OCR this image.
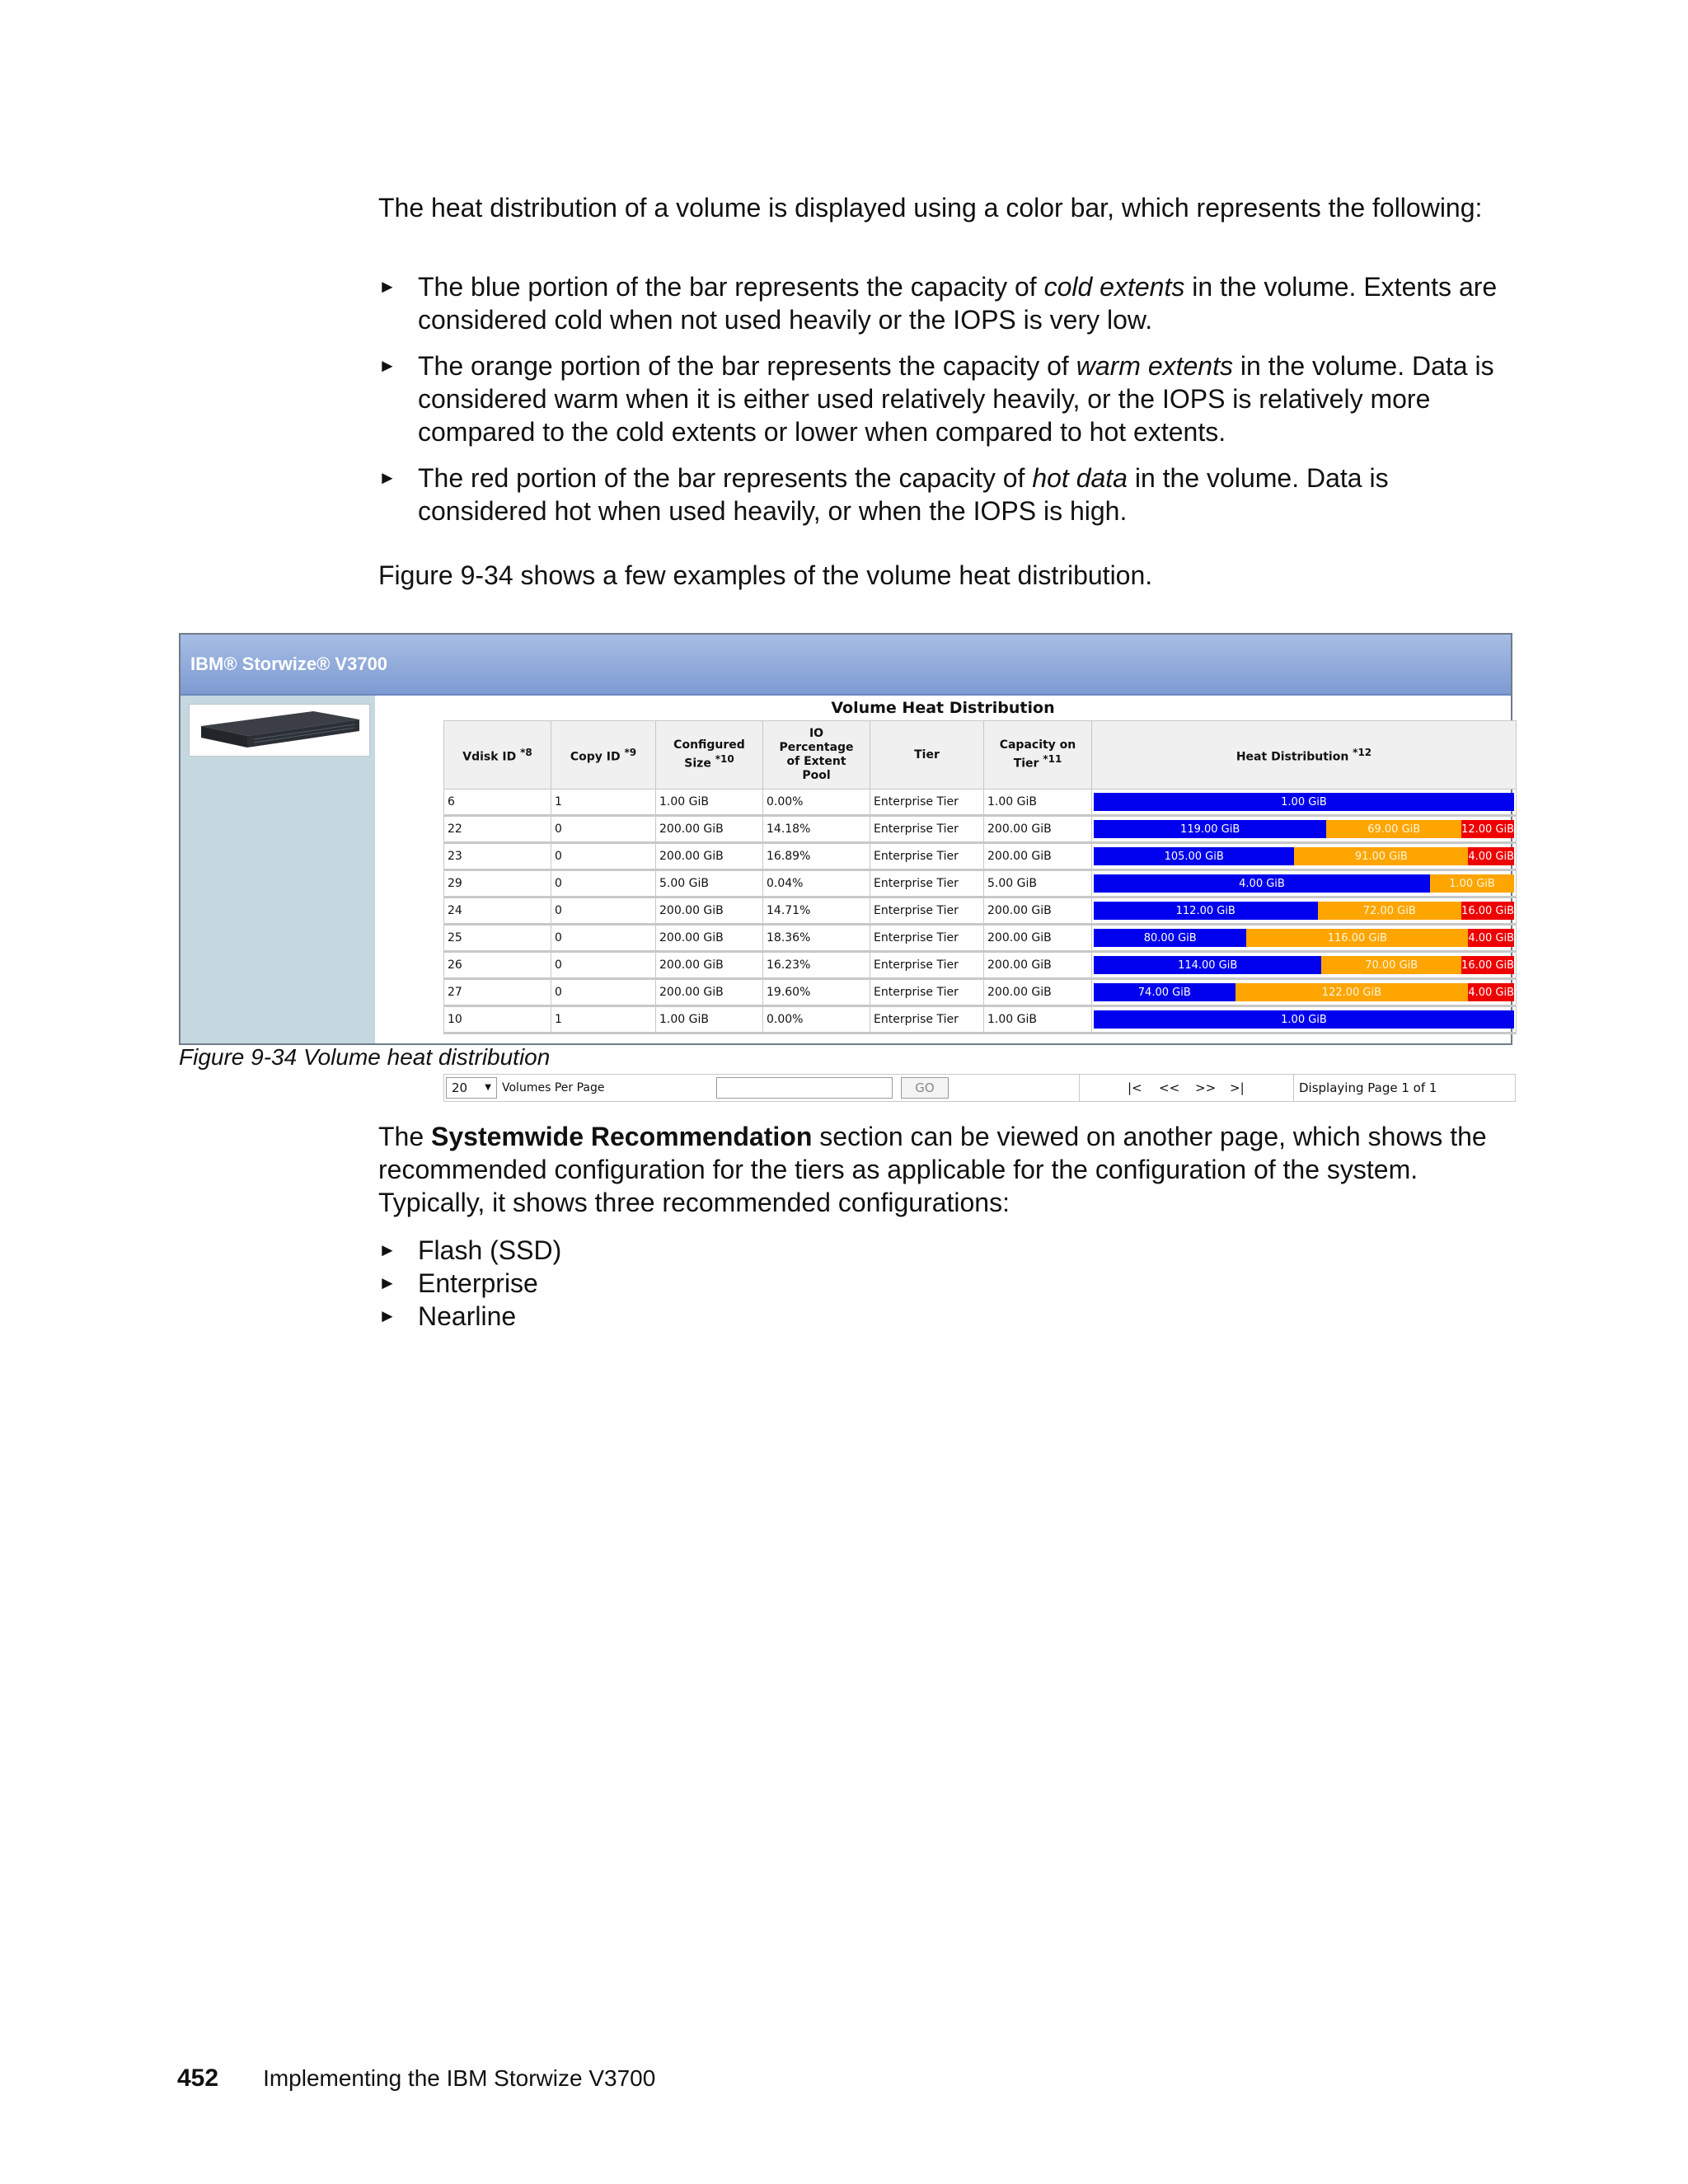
The heat distribution of a volume is displayed using a color bar, which represents the following:

► The blue portion of the bar represents the capacity of cold extents in the volume. Extents are considered cold when not used heavily or the IOPS is very low.
► The orange portion of the bar represents the capacity of warm extents in the volume. Data is considered warm when it is either used relatively heavily, or the IOPS is relatively more compared to the cold extents or lower when compared to hot extents.
► The red portion of the bar represents the capacity of hot data in the volume. Data is considered hot when used heavily, or when the IOPS is high.

Figure 9-34 shows a few examples of the volume heat distribution.

IBM® Storwize® V3700
Volume Heat Distribution
Vdisk ID $^{*8}$	Copy ID $^{*9}$	Configured
Size $^{*10}$	IO
Percentage
of Extent
Pool	Tier	Capacity on
Tier $^{*11}$	Heat Distribution $^{*12}$
6	1	1.00 GiB	0.00%	Enterprise Tier	1.00 GiB	1.00 GiB

22	0	200.00 GiB	14.18%	Enterprise Tier	200.00 GiB	119.00 GiB 69.00 GiB 12.00 GiB

23	0	200.00 GiB	16.89%	Enterprise Tier	200.00 GiB	105.00 GiB 91.00 GiB 4.00 GiB

29	0	5.00 GiB	0.04%	Enterprise Tier	5.00 GiB	4.00 GiB 1.00 GiB

24	0	200.00 GiB	14.71%	Enterprise Tier	200.00 GiB	112.00 GiB 72.00 GiB 16.00 GiB

25	0	200.00 GiB	18.36%	Enterprise Tier	200.00 GiB	80.00 GiB 116.00 GiB 4.00 GiB

26	0	200.00 GiB	16.23%	Enterprise Tier	200.00 GiB	114.00 GiB 70.00 GiB 16.00 GiB

27	0	200.00 GiB	19.60%	Enterprise Tier	200.00 GiB	74.00 GiB 122.00 GiB 4.00 GiB

10	1	1.00 GiB	0.00%	Enterprise Tier	1.00 GiB	1.00 GiB
20 ▼ Volumes Per Page	GO	|< << >> >|	Displaying Page 1 of 1
Figure 9-34 Volume heat distribution

The Systemwide Recommendation section can be viewed on another page, which shows the recommended configuration for the tiers as applicable for the configuration of the system. Typically, it shows three recommended configurations:

► Flash (SSD)
► Enterprise
► Nearline
452 Implementing the IBM Storwize V3700
